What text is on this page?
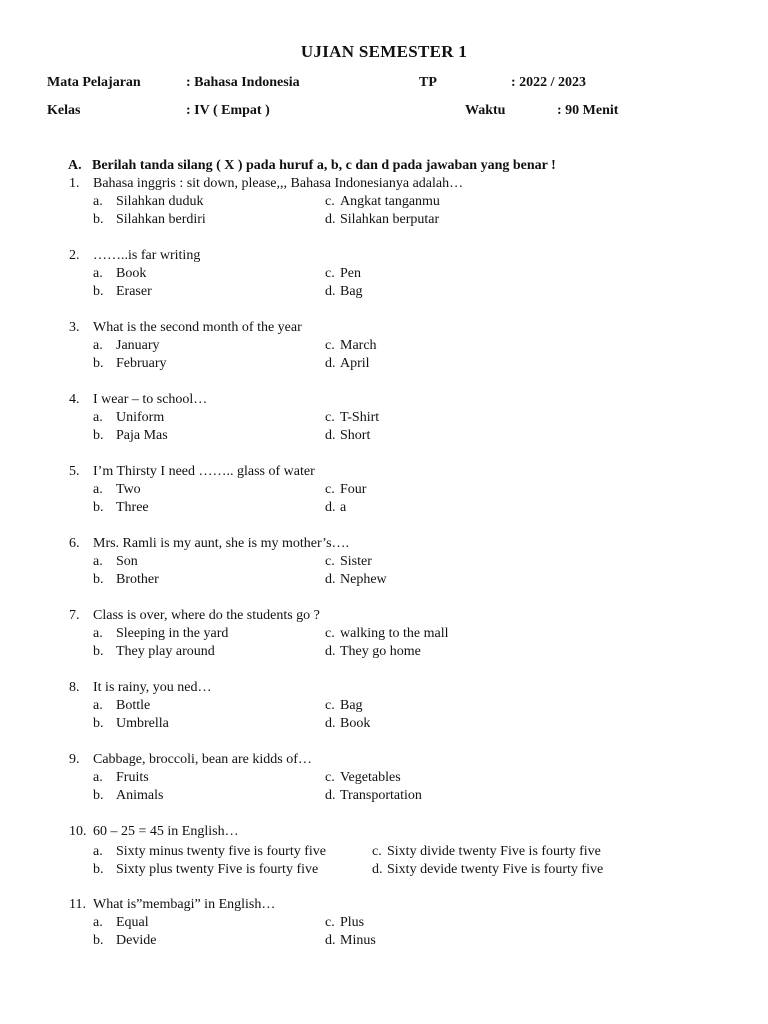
UJIAN SEMESTER 1
Mata Pelajaran	: Bahasa Indonesia	TP	: 2022 / 2023
Kelas	: IV ( Empat )	Waktu	: 90 Menit
A. Berilah tanda silang ( X ) pada huruf a, b, c dan d pada jawaban yang benar !
1. Bahasa inggris : sit down, please,,, Bahasa Indonesianya adalah…
a. Silahkan duduk
b. Silahkan berdiri
c. Angkat tanganmu
d. Silahkan berputar
2. ……..is far writing
a. Book
b. Eraser
c. Pen
d. Bag
3. What is the second month of the year
a. January
b. February
c. March
d. April
4. I wear – to school…
a. Uniform
b. Paja Mas
c. T-Shirt
d. Short
5. I’m Thirsty I need …….. glass of water
a. Two
b. Three
c. Four
d. a
6. Mrs. Ramli is my aunt, she is my mother’s….
a. Son
b. Brother
c. Sister
d. Nephew
7. Class is over, where do the students go ?
a. Sleeping in the yard
b. They play around
c. walking to the mall
d. They go home
8. It is rainy, you ned…
a. Bottle
b. Umbrella
c. Bag
d. Book
9. Cabbage, broccoli, bean are kidds of…
a. Fruits
b. Animals
c. Vegetables
d. Transportation
10. 60 – 25 = 45 in English…
a. Sixty minus twenty five is fourty five
b. Sixty plus twenty Five is fourty five
c. Sixty divide twenty Five is fourty five
d. Sixty devide twenty Five is fourty five
11. What is”membagi” in English…
a. Equal
b. Devide
c. Plus
d. Minus
